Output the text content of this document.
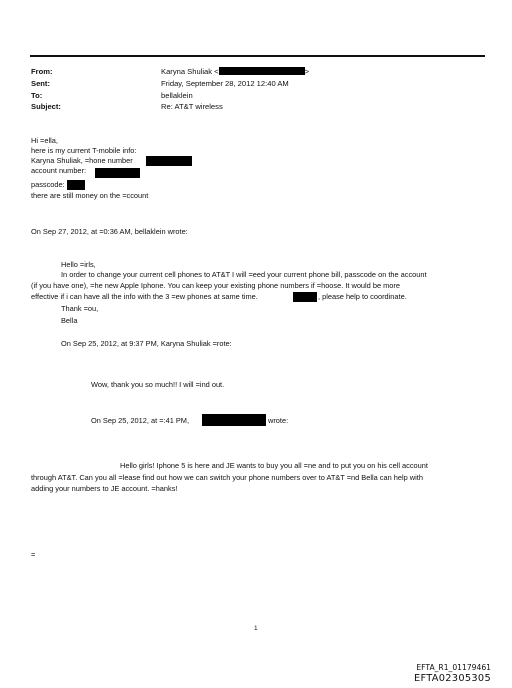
From:	Karyna Shuliak <	>
Sent:	Friday, September 28, 2012 12:40 AM
To:	bellaklein
Subject:	Re: AT&T wireless
Hi =ella,
here is my current T-mobile info:
Karyna Shuliak, =hone number
account number:
passcode:
there are still money on the =ccount
On Sep 27, 2012, at =0:36 AM, bellaklein wrote:
Hello =irls,
In order to change your current cell phones to AT&T I will =eed your current phone bill, passcode on the account
(if you have one), =he new Apple Iphone. You can keep your existing phone numbers if =hoose. It would be more
effective if i can have all the info with the 3 =ew phones at same time.	, please help to coordinate.
Thank =ou,
Bella
On Sep 25, 2012, at 9:37 PM, Karyna Shuliak =rote:
Wow, thank you so much!! I will =ind out.
On Sep 25, 2012, at =:41 PM,	wrote:
Hello girls! Iphone 5 is here and JE wants to buy you all =ne and to put you on his cell account
through AT&T. Can you all =lease find out how we can switch your phone numbers over to AT&T =nd Bella can help with
adding your numbers to JE account. =hanks!
=
1
EFTA_R1_01179461
EFTA02305305
